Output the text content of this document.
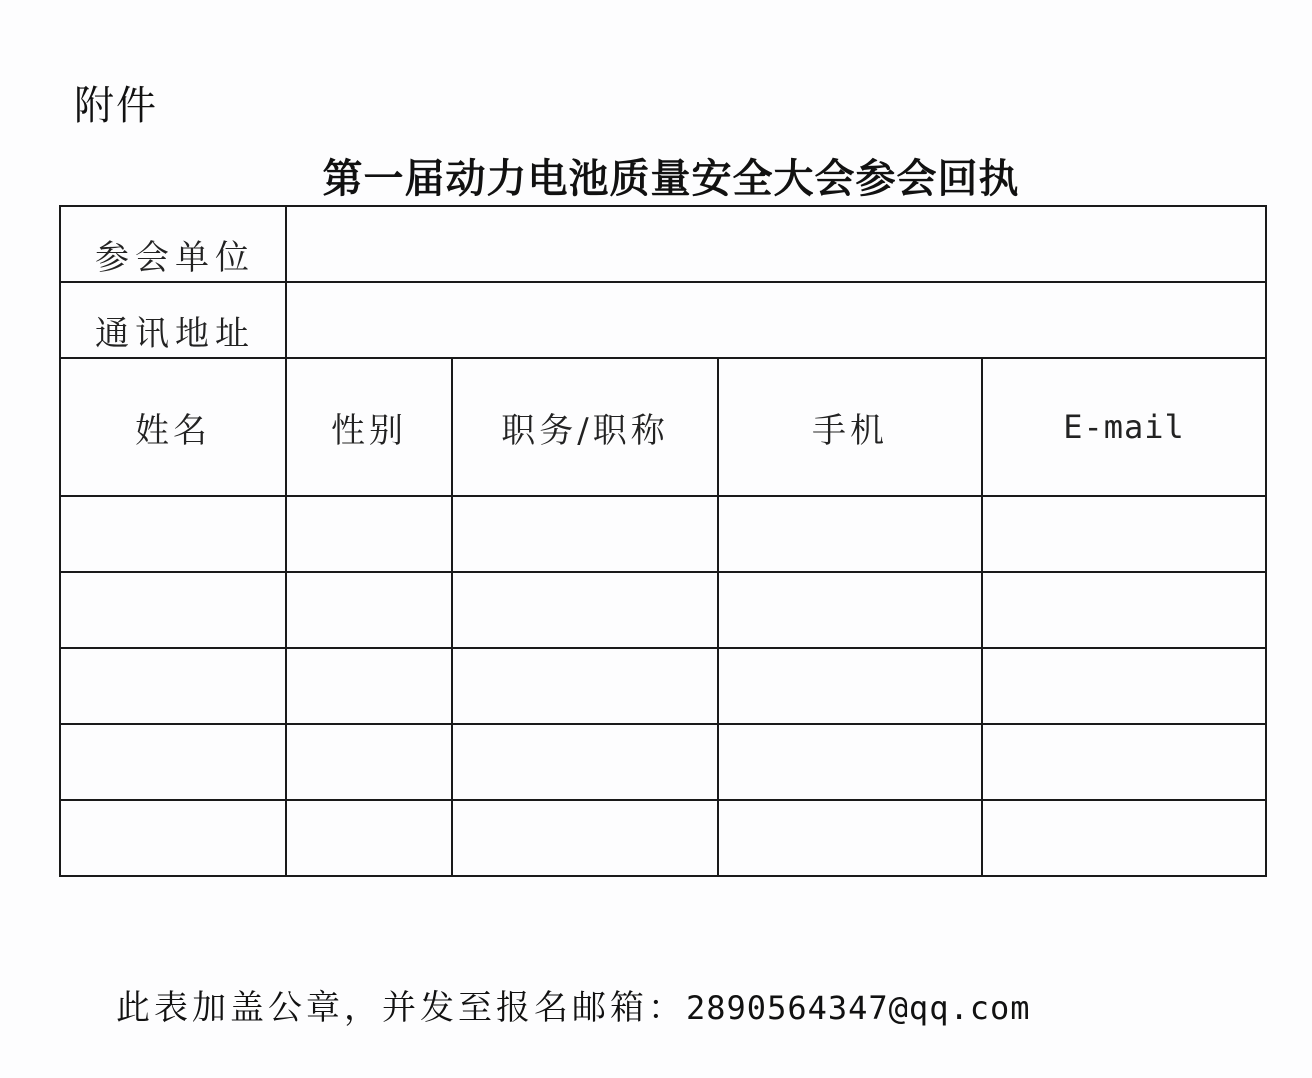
附件
第一届动力电池质量安全大会参会回执
参会单位				
通讯地址				
姓名	性别	职务/职称	手机	E-mail

此表加盖公章，并发至报名邮箱：2890564347@qq.com
